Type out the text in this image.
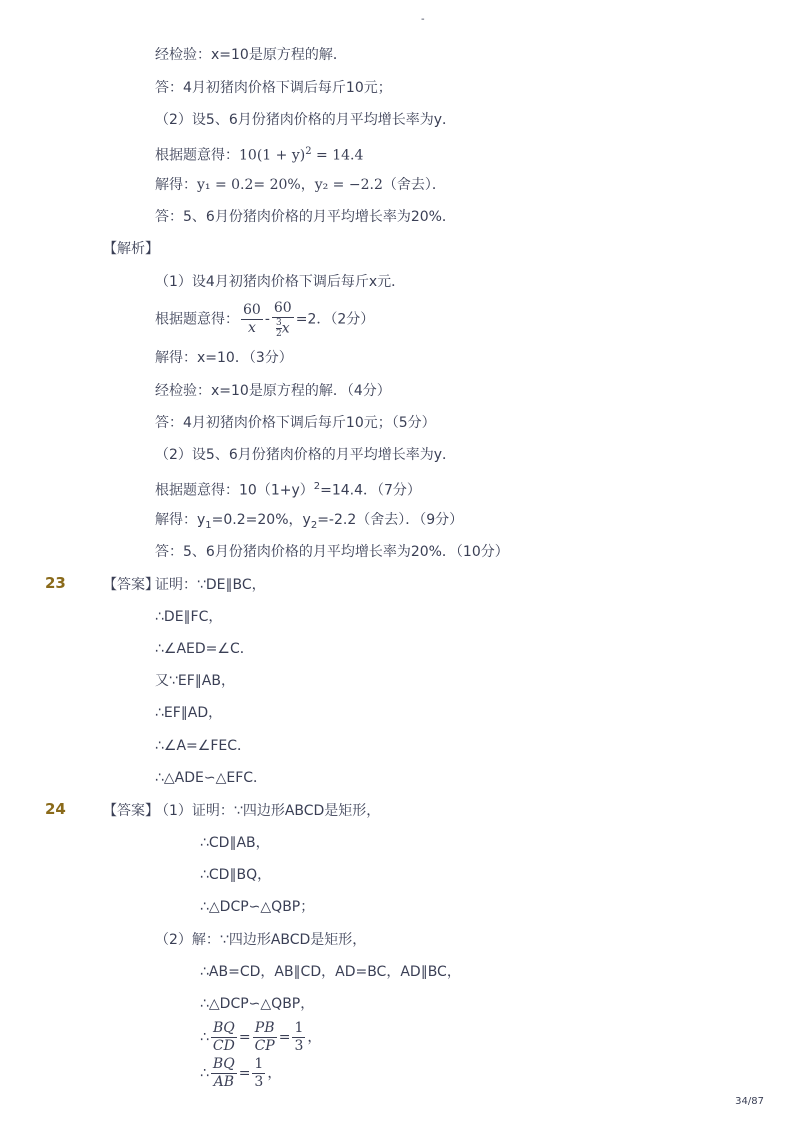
-
经检验：x=10是原方程的解．
答：4月初猪肉价格下调后每斤10元；
（2）设5、6月份猪肉价格的月平均增长率为y．
根据题意得：$10(1 + y)^2 = 14.4$
解得：y₁ = 0.2= 20%，y₂ = −2.2（舍去）．
答：5、6月份猪肉价格的月平均增长率为20%．
【解析】
（1）设4月初猪肉价格下调后每斤x元．
根据题意得： $\frac{60}{x} - \frac{60}{\frac{3}{2} x} =2$．（2分）
解得：x=10．（3分）
经检验：x=10是原方程的解．（4分）
答：4月初猪肉价格下调后每斤10元；（5分）
（2）设5、6月份猪肉价格的月平均增长率为y．
根据题意得：$10(1+y)^2=14.4$．（7分）
解得：$y_1=0.2=20\%$，$y_2=-2.2$（舍去）．（9分）
答：5、6月份猪肉价格的月平均增长率为20%．（10分）
23	【答案】
证明：∵DE∥BC，
∴DE∥FC，
∴∠AED=∠C．
又∵EF∥AB，
∴EF∥AD，
∴∠A=∠FEC．
∴△ADE∽△EFC．
24	【答案】
（1）证明：∵四边形ABCD是矩形，
∴CD∥AB，
∴CD∥BQ，
∴△DCP∽△QBP；
（2）解：∵四边形ABCD是矩形，
∴AB=CD，AB∥CD，AD=BC，AD∥BC，
∴△DCP∽△QBP，
∴ $\frac{BQ}{CD} = \frac{PB}{CP} = \frac{1}{3}$ ，
∴ $\frac{BQ}{AB} = \frac{1}{3}$ ，
34/87
